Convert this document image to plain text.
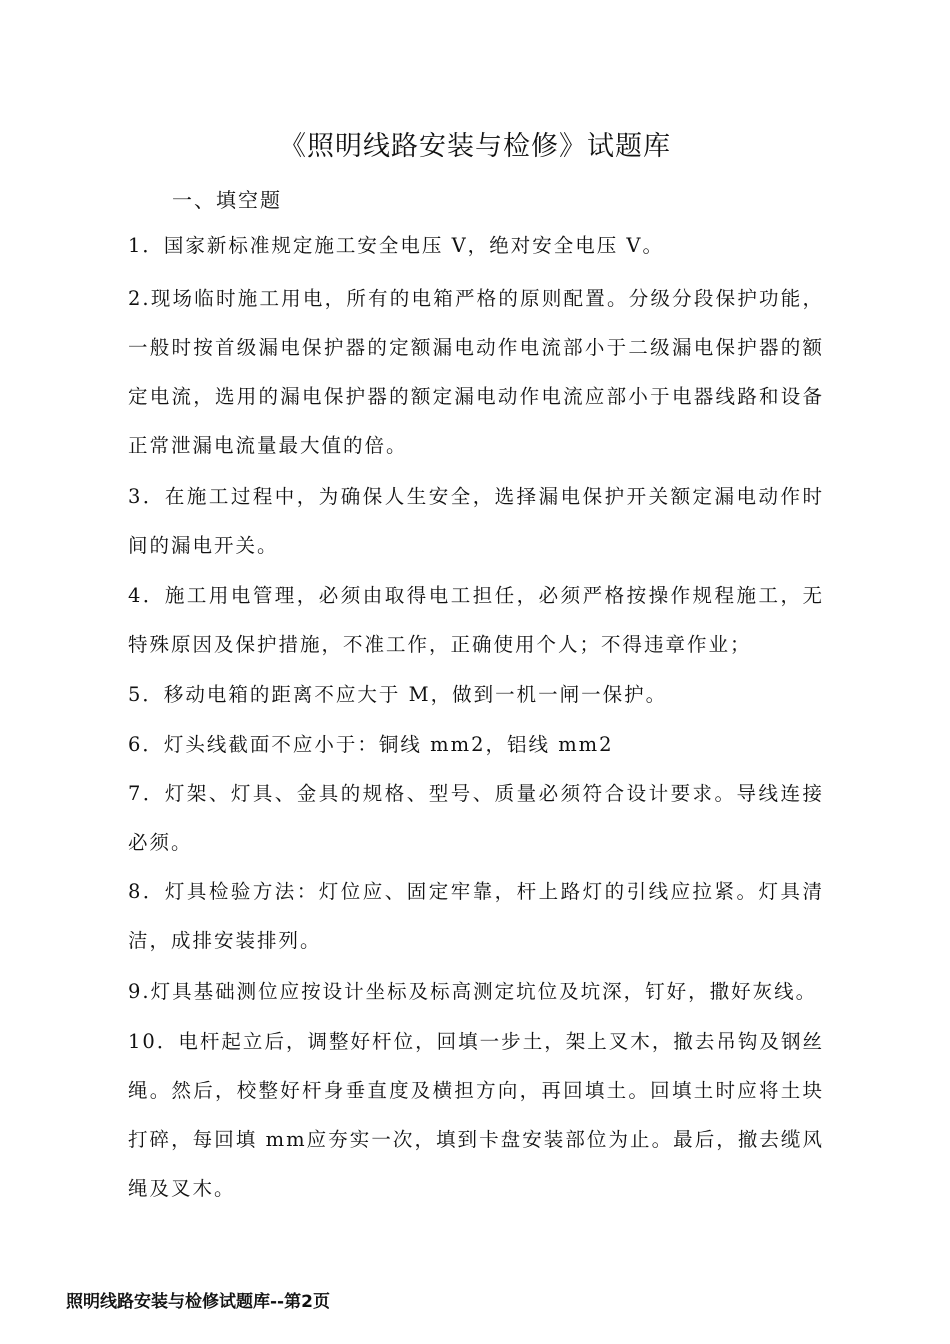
《照明线路安装与检修》试题库
一、填空题
1．国家新标准规定施工安全电压 V，绝对安全电压 V。
2.现场临时施工用电，所有的电箱严格的原则配置。分级分段保护功能，一般时按首级漏电保护器的定额漏电动作电流部小于二级漏电保护器的额定电流，选用的漏电保护器的额定漏电动作电流应部小于电器线路和设备正常泄漏电流量最大值的倍。
3．在施工过程中，为确保人生安全，选择漏电保护开关额定漏电动作时间的漏电开关。
4．施工用电管理，必须由取得电工担任，必须严格按操作规程施工，无特殊原因及保护措施，不准工作，正确使用个人；不得违章作业；
5．移动电箱的距离不应大于 M，做到一机一闸一保护。
6．灯头线截面不应小于：铜线 mm2，铝线 mm2
7．灯架、灯具、金具的规格、型号、质量必须符合设计要求。导线连接必须。
8．灯具检验方法：灯位应、固定牢靠，杆上路灯的引线应拉紧。灯具清洁，成排安装排列。
9.灯具基础测位应按设计坐标及标高测定坑位及坑深，钉好，撒好灰线。
10．电杆起立后，调整好杆位，回填一步土，架上叉木，撤去吊钩及钢丝绳。然后，校整好杆身垂直度及横担方向，再回填土。回填土时应将土块打碎，每回填 mm应夯实一次，填到卡盘安装部位为止。最后，撤去缆风绳及叉木。
照明线路安装与检修试题库--第2页
